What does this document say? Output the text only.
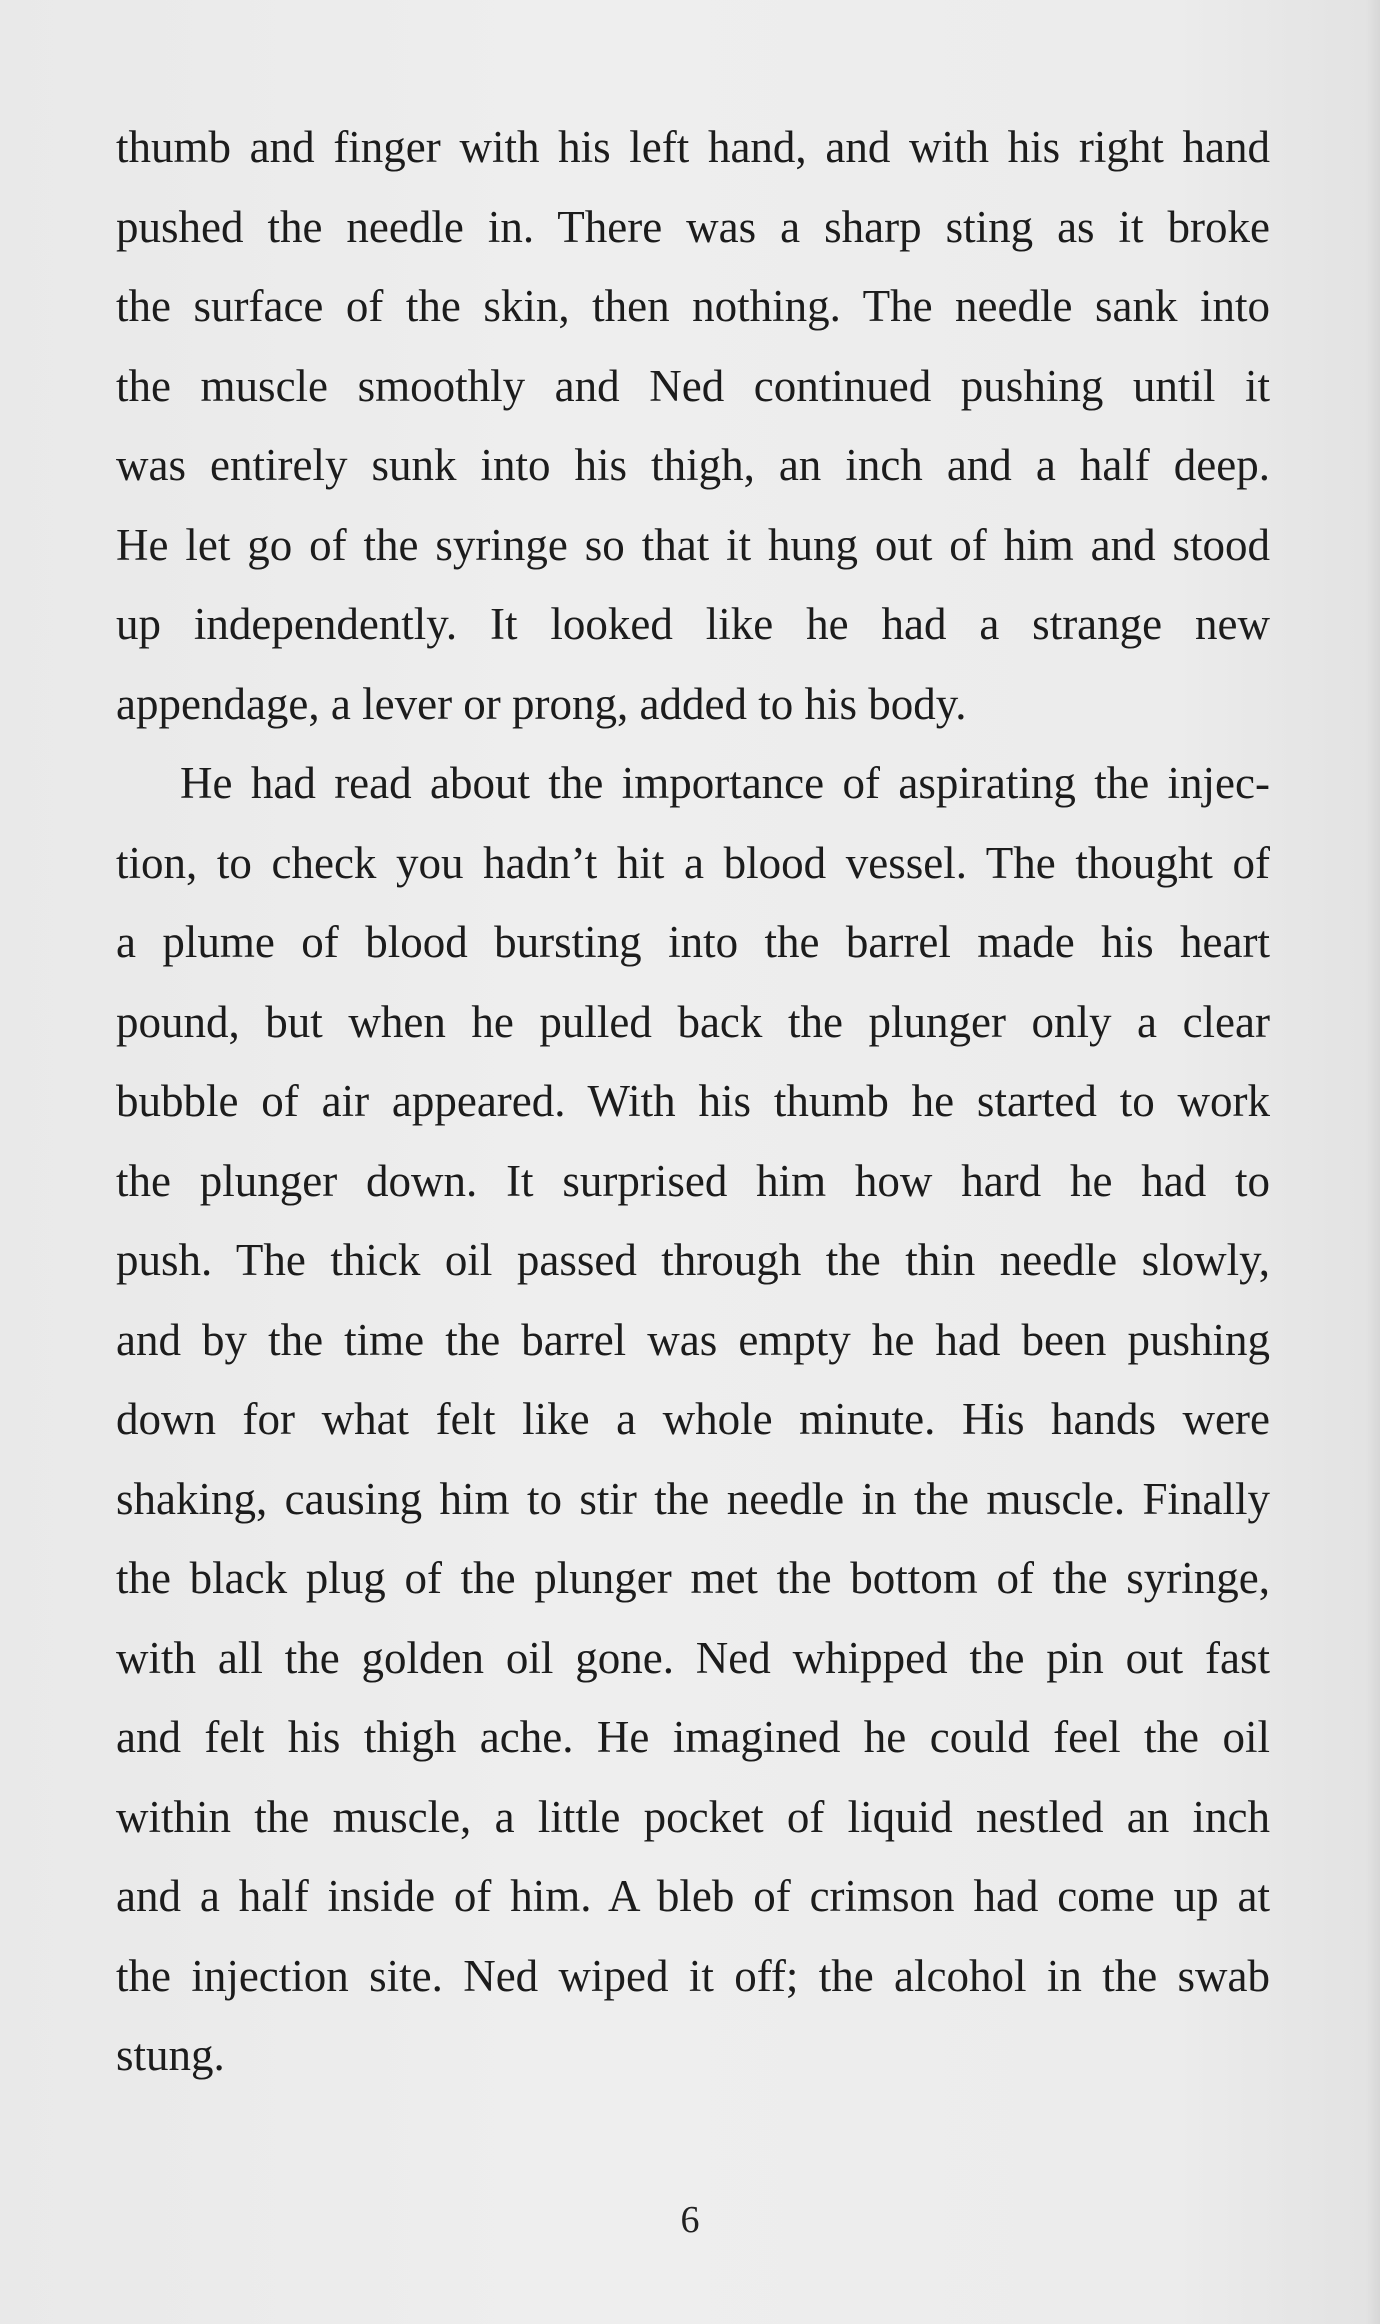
thumb and finger with his left hand, and with his right hand
pushed the needle in. There was a sharp sting as it broke
the surface of the skin, then nothing. The needle sank into
the muscle smoothly and Ned continued pushing until it
was entirely sunk into his thigh, an inch and a half deep.
He let go of the syringe so that it hung out of him and stood
up independently. It looked like he had a strange new
appendage, a lever or prong, added to his body.
He had read about the importance of aspirating the injec-
tion, to check you hadn’t hit a blood vessel. The thought of
a plume of blood bursting into the barrel made his heart
pound, but when he pulled back the plunger only a clear
bubble of air appeared. With his thumb he started to work
the plunger down. It surprised him how hard he had to
push. The thick oil passed through the thin needle slowly,
and by the time the barrel was empty he had been pushing
down for what felt like a whole minute. His hands were
shaking, causing him to stir the needle in the muscle. Finally
the black plug of the plunger met the bottom of the syringe,
with all the golden oil gone. Ned whipped the pin out fast
and felt his thigh ache. He imagined he could feel the oil
within the muscle, a little pocket of liquid nestled an inch
and a half inside of him. A bleb of crimson had come up at
the injection site. Ned wiped it off; the alcohol in the swab
stung.
6
